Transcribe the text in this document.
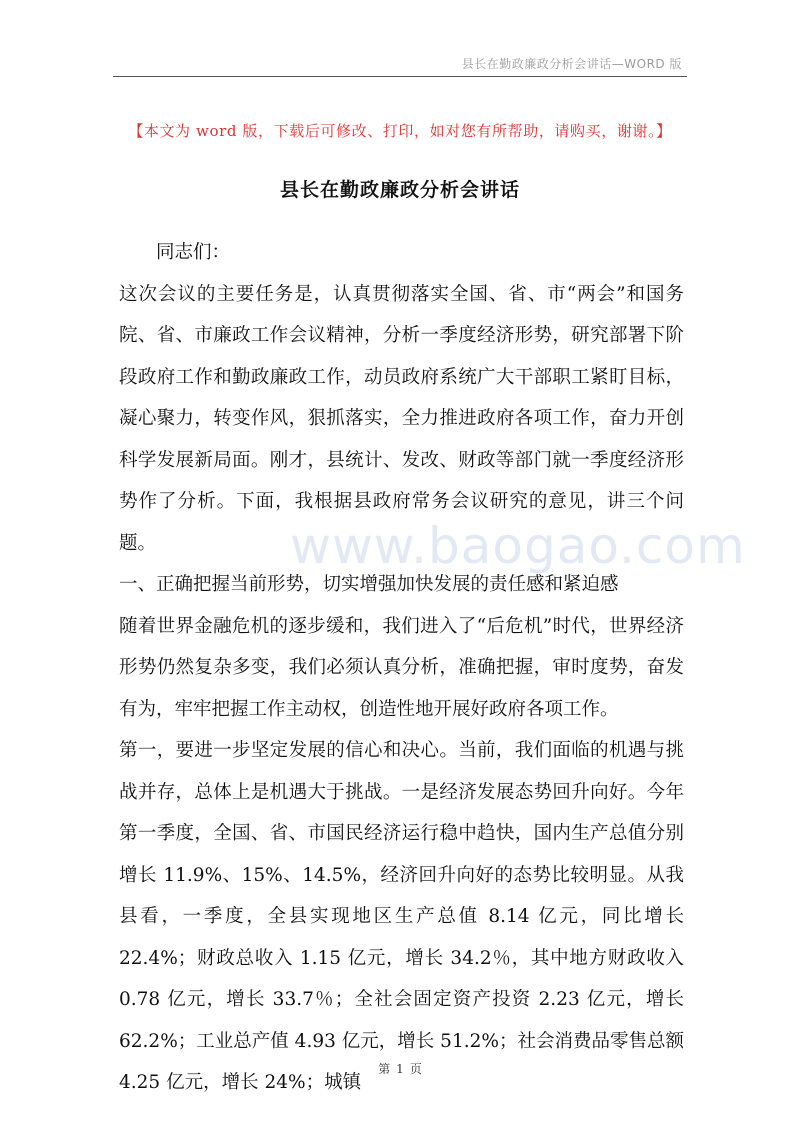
县长在勤政廉政分析会讲话—WORD 版
【本文为 word 版，下载后可修改、打印，如对您有所帮助，请购买，谢谢。】
县长在勤政廉政分析会讲话
www.baogao.com

同志们：

这次会议的主要任务是，认真贯彻落实全国、省、市“两会”和国务院、省、市廉政工作会议精神，分析一季度经济形势，研究部署下阶段政府工作和勤政廉政工作，动员政府系统广大干部职工紧盯目标，凝心聚力，转变作风，狠抓落实，全力推进政府各项工作，奋力开创科学发展新局面。刚才，县统计、发改、财政等部门就一季度经济形势作了分析。下面，我根据县政府常务会议研究的意见，讲三个问题。

一、正确把握当前形势，切实增强加快发展的责任感和紧迫感

随着世界金融危机的逐步缓和，我们进入了“后危机”时代，世界经济形势仍然复杂多变，我们必须认真分析，准确把握，审时度势，奋发有为，牢牢把握工作主动权，创造性地开展好政府各项工作。

第一，要进一步坚定发展的信心和决心。当前，我们面临的机遇与挑战并存，总体上是机遇大于挑战。一是经济发展态势回升向好。今年第一季度，全国、省、市国民经济运行稳中趋快，国内生产总值分别增长 11.9%、15%、14.5%，经济回升向好的态势比较明显。从我县看，一季度，全县实现地区生产总值 8.14 亿元，同比增长 22.4%；财政总收入 1.15 亿元，增长 34.2％，其中地方财政收入 0.78 亿元，增长 33.7％；全社会固定资产投资 2.23 亿元，增长 62.2%；工业总产值 4.93 亿元，增长 51.2%；社会消费品零售总额 4.25 亿元，增长 24%；城镇

第 1 页
